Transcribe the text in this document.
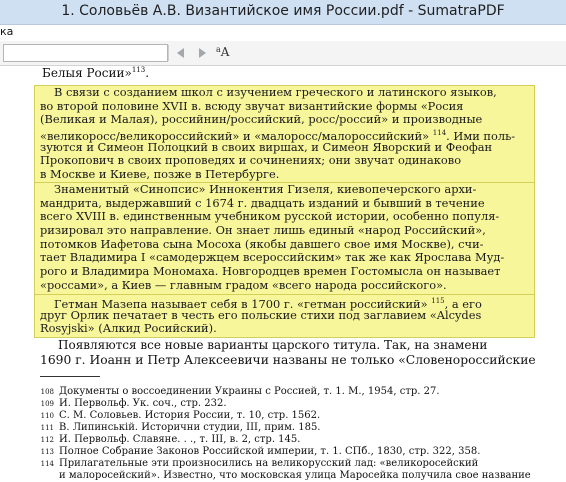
1. Соловьёв А.В. Византийское имя России.pdf - SumatraPDF
ка
$^a$A
Белыя Росии»$^{113}$.
В связи с созданием школ с изучением греческого и латинского языков,
во второй половине XVII в. всюду звучат византийские формы «Росия
(Великая и Малая), российнин/российский, росс/россий» и производные
«великоросс/великороссийский» и «малоросс/малороссийский» $^{114}$. Ими поль-
зуются и Симеон Полоцкий в своих виршах, и Симеон Яворский и Феофан
Прокопович в своих проповедях и сочинениях; они звучат одинаково
в Москве и Киеве, позже в Петербурге.
Знаменитый «Синопсис» Иннокентия Гизеля, киевопечерского архи-
мандрита, выдержавший с 1674 г. двадцать изданий и бывший в течение
всего XVIII в. единственным учебником русской истории, особенно популя-
ризировал это направление. Он знает лишь единый «народ Российский»,
потомков Иафетова сына Мосоха (якобы давшего свое имя Москве), счи-
тает Владимира I «самодержцем всероссийским» так же как Ярослава Муд-
рого и Владимира Мономаха. Новгородцев времен Гостомысла он называет
«россами», а Киев — главным градом «всего народа российского».
Гетман Мазепа называет себя в 1700 г. «гетман российский» $^{115}$, а его
друг Орлик печатает в честь его польские стихи под заглавием «Alcydes
Rosyjski» (Алкид Росийский).
Появляются все новые варианты царского титула. Так, на знамени
1690 г. Иоанн и Петр Алексеевичи названы не только «Словенороссийские
108 Документы о воссоединении Украины с Россией, т. 1. М., 1954, стр. 27.
109 И. Первольф. Ук. соч., стр. 232.
110 С. М. Соловьев. История России, т. 10, стр. 1562.
111 В. Липинськiй. Исторични студии, III, прим. 185.
112 И. Первольф. Славяне. . ., т. III, в. 2, стр. 145.
113 Полное Собрание Законов Российской империи, т. 1. СПб., 1830, стр. 322, 358.
114 Прилагательные эти произносились на великорусский лад: «великоросейский
и малоросейский». Известно, что московская улица Маросейка получила свое название
